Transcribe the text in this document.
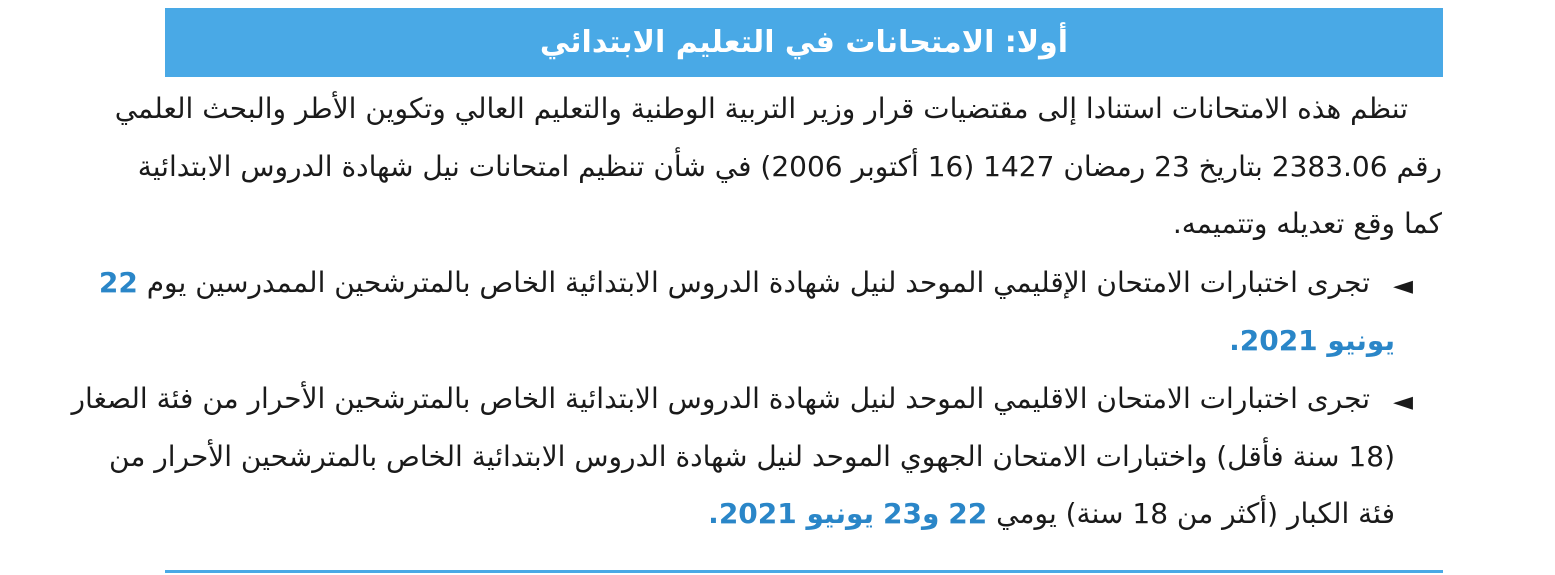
أولا: الامتحانات في التعليم الابتدائي
تنظم هذه الامتحانات استنادا إلى مقتضيات قرار وزير التربية الوطنية والتعليم العالي وتكوين الأطر والبحث العلمي
رقم 2383.06 بتاريخ 23 رمضان 1427 (16 أكتوبر 2006) في شأن تنظيم امتحانات نيل شهادة الدروس الابتدائية
كما وقع تعديله وتتميمه.
◄
تجرى اختبارات الامتحان الإقليمي الموحد لنيل شهادة الدروس الابتدائية الخاص بالمترشحين الممدرسين يوم 22
يونيو 2021.
◄
تجرى اختبارات الامتحان الاقليمي الموحد لنيل شهادة الدروس الابتدائية الخاص بالمترشحين الأحرار من فئة الصغار
(18 سنة فأقل) واختبارات الامتحان الجهوي الموحد لنيل شهادة الدروس الابتدائية الخاص بالمترشحين الأحرار من
فئة الكبار (أكثر من 18 سنة) يومي 22 و23 يونيو 2021.
